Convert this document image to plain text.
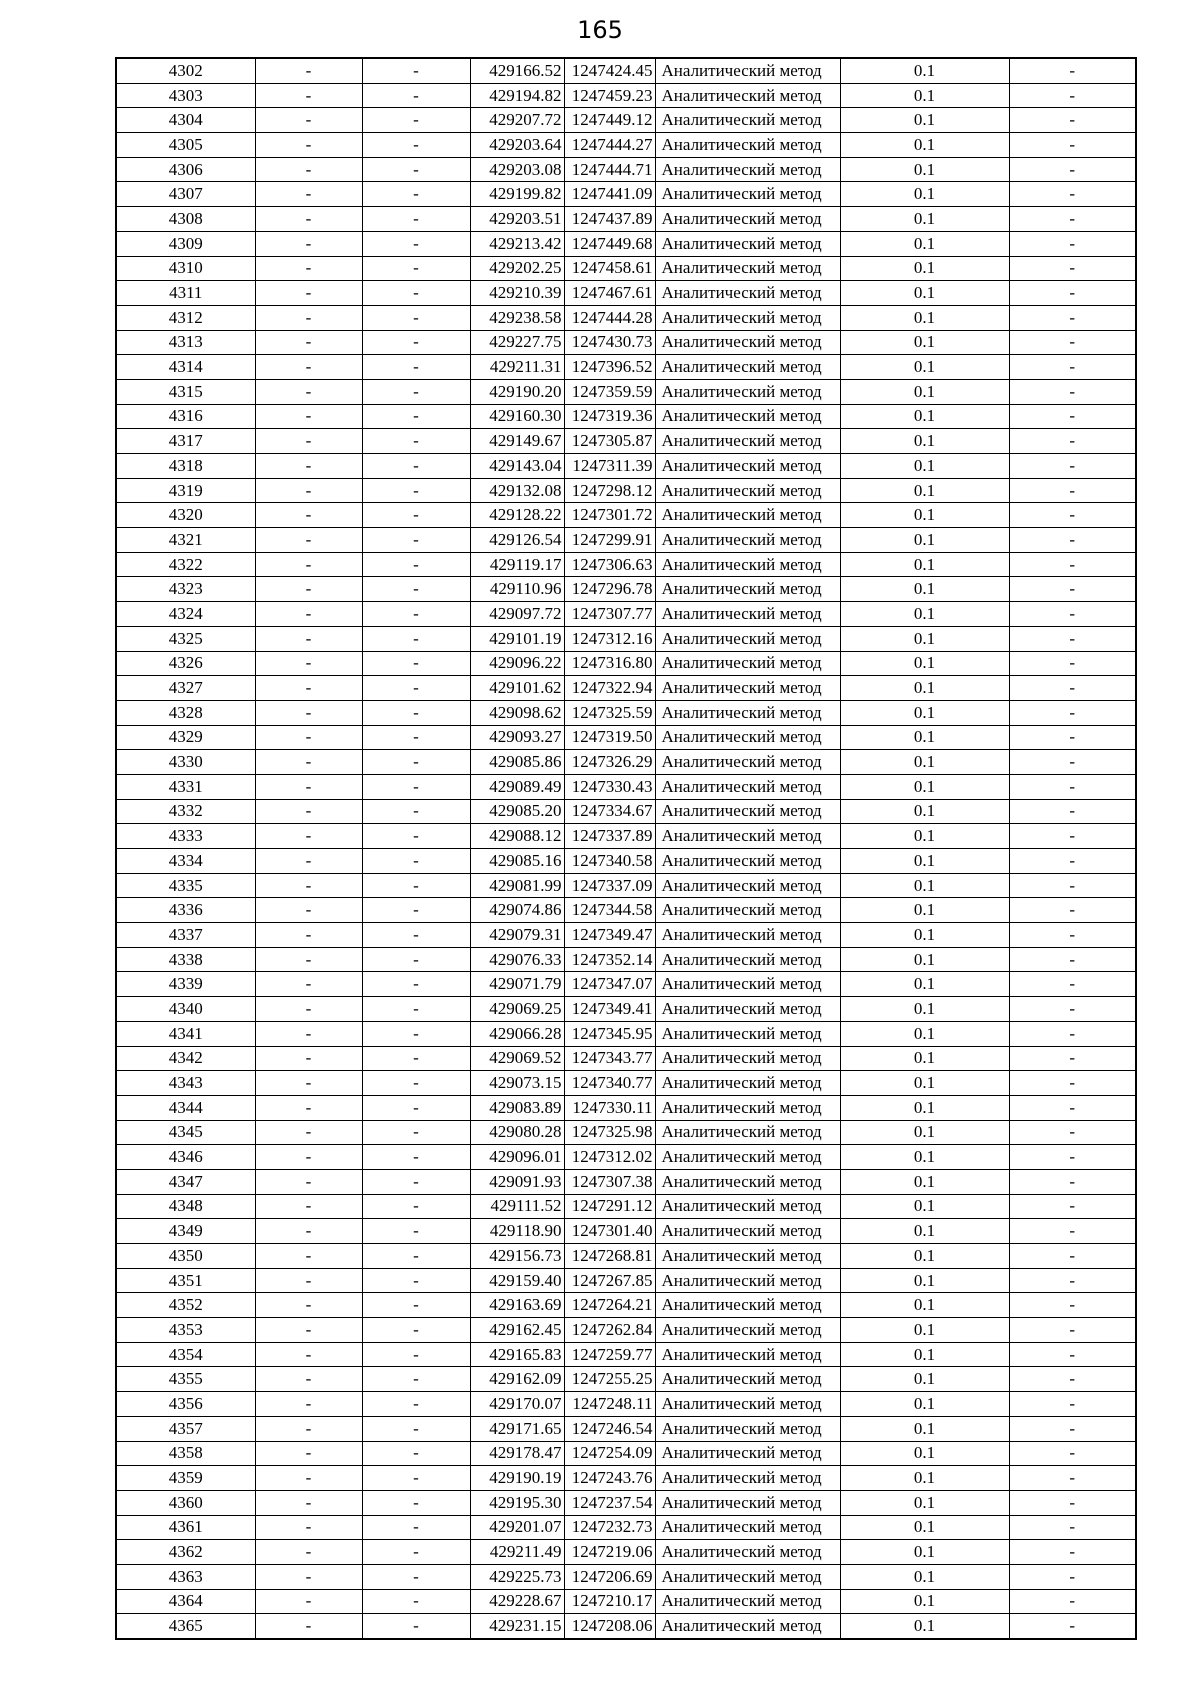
165
4302	-	-	429166.52	1247424.45	Аналитический метод	0.1	-
4303	-	-	429194.82	1247459.23	Аналитический метод	0.1	-
4304	-	-	429207.72	1247449.12	Аналитический метод	0.1	-
4305	-	-	429203.64	1247444.27	Аналитический метод	0.1	-
4306	-	-	429203.08	1247444.71	Аналитический метод	0.1	-
4307	-	-	429199.82	1247441.09	Аналитический метод	0.1	-
4308	-	-	429203.51	1247437.89	Аналитический метод	0.1	-
4309	-	-	429213.42	1247449.68	Аналитический метод	0.1	-
4310	-	-	429202.25	1247458.61	Аналитический метод	0.1	-
4311	-	-	429210.39	1247467.61	Аналитический метод	0.1	-
4312	-	-	429238.58	1247444.28	Аналитический метод	0.1	-
4313	-	-	429227.75	1247430.73	Аналитический метод	0.1	-
4314	-	-	429211.31	1247396.52	Аналитический метод	0.1	-
4315	-	-	429190.20	1247359.59	Аналитический метод	0.1	-
4316	-	-	429160.30	1247319.36	Аналитический метод	0.1	-
4317	-	-	429149.67	1247305.87	Аналитический метод	0.1	-
4318	-	-	429143.04	1247311.39	Аналитический метод	0.1	-
4319	-	-	429132.08	1247298.12	Аналитический метод	0.1	-
4320	-	-	429128.22	1247301.72	Аналитический метод	0.1	-
4321	-	-	429126.54	1247299.91	Аналитический метод	0.1	-
4322	-	-	429119.17	1247306.63	Аналитический метод	0.1	-
4323	-	-	429110.96	1247296.78	Аналитический метод	0.1	-
4324	-	-	429097.72	1247307.77	Аналитический метод	0.1	-
4325	-	-	429101.19	1247312.16	Аналитический метод	0.1	-
4326	-	-	429096.22	1247316.80	Аналитический метод	0.1	-
4327	-	-	429101.62	1247322.94	Аналитический метод	0.1	-
4328	-	-	429098.62	1247325.59	Аналитический метод	0.1	-
4329	-	-	429093.27	1247319.50	Аналитический метод	0.1	-
4330	-	-	429085.86	1247326.29	Аналитический метод	0.1	-
4331	-	-	429089.49	1247330.43	Аналитический метод	0.1	-
4332	-	-	429085.20	1247334.67	Аналитический метод	0.1	-
4333	-	-	429088.12	1247337.89	Аналитический метод	0.1	-
4334	-	-	429085.16	1247340.58	Аналитический метод	0.1	-
4335	-	-	429081.99	1247337.09	Аналитический метод	0.1	-
4336	-	-	429074.86	1247344.58	Аналитический метод	0.1	-
4337	-	-	429079.31	1247349.47	Аналитический метод	0.1	-
4338	-	-	429076.33	1247352.14	Аналитический метод	0.1	-
4339	-	-	429071.79	1247347.07	Аналитический метод	0.1	-
4340	-	-	429069.25	1247349.41	Аналитический метод	0.1	-
4341	-	-	429066.28	1247345.95	Аналитический метод	0.1	-
4342	-	-	429069.52	1247343.77	Аналитический метод	0.1	-
4343	-	-	429073.15	1247340.77	Аналитический метод	0.1	-
4344	-	-	429083.89	1247330.11	Аналитический метод	0.1	-
4345	-	-	429080.28	1247325.98	Аналитический метод	0.1	-
4346	-	-	429096.01	1247312.02	Аналитический метод	0.1	-
4347	-	-	429091.93	1247307.38	Аналитический метод	0.1	-
4348	-	-	429111.52	1247291.12	Аналитический метод	0.1	-
4349	-	-	429118.90	1247301.40	Аналитический метод	0.1	-
4350	-	-	429156.73	1247268.81	Аналитический метод	0.1	-
4351	-	-	429159.40	1247267.85	Аналитический метод	0.1	-
4352	-	-	429163.69	1247264.21	Аналитический метод	0.1	-
4353	-	-	429162.45	1247262.84	Аналитический метод	0.1	-
4354	-	-	429165.83	1247259.77	Аналитический метод	0.1	-
4355	-	-	429162.09	1247255.25	Аналитический метод	0.1	-
4356	-	-	429170.07	1247248.11	Аналитический метод	0.1	-
4357	-	-	429171.65	1247246.54	Аналитический метод	0.1	-
4358	-	-	429178.47	1247254.09	Аналитический метод	0.1	-
4359	-	-	429190.19	1247243.76	Аналитический метод	0.1	-
4360	-	-	429195.30	1247237.54	Аналитический метод	0.1	-
4361	-	-	429201.07	1247232.73	Аналитический метод	0.1	-
4362	-	-	429211.49	1247219.06	Аналитический метод	0.1	-
4363	-	-	429225.73	1247206.69	Аналитический метод	0.1	-
4364	-	-	429228.67	1247210.17	Аналитический метод	0.1	-
4365	-	-	429231.15	1247208.06	Аналитический метод	0.1	-
